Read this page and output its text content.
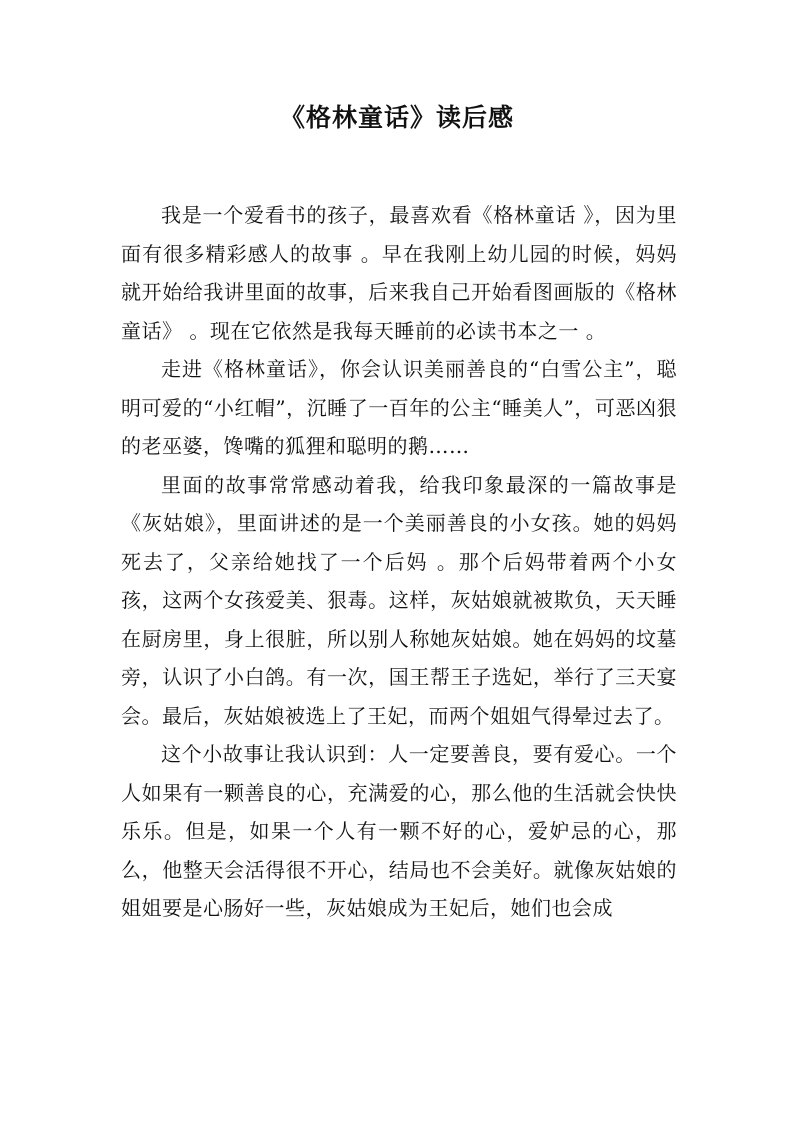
《格林童话》读后感

我是一个爱看书的孩子，最喜欢看《格林童话 》，因为里面有很多精彩感人的故事 。早在我刚上幼儿园的时候，妈妈就开始给我讲里面的故事，后来我自己开始看图画版的《格林童话》 。现在它依然是我每天睡前的必读书本之一 。

走进《格林童话》，你会认识美丽善良的“白雪公主”，聪明可爱的“小红帽”，沉睡了一百年的公主“睡美人”，可恶凶狠的老巫婆，馋嘴的狐狸和聪明的鹅……

里面的故事常常感动着我，给我印象最深的一篇故事是《灰姑娘》，里面讲述的是一个美丽善良的小女孩。她的妈妈死去了，父亲给她找了一个后妈 。那个后妈带着两个小女孩，这两个女孩爱美、狠毒。这样，灰姑娘就被欺负，天天睡在厨房里，身上很脏，所以别人称她灰姑娘。她在妈妈的坟墓旁，认识了小白鸽。有一次，国王帮王子选妃，举行了三天宴会。最后，灰姑娘被选上了王妃，而两个姐姐气得晕过去了。

这个小故事让我认识到：人一定要善良，要有爱心。一个人如果有一颗善良的心，充满爱的心，那么他的生活就会快快乐乐。但是，如果一个人有一颗不好的心，爱妒忌的心，那么，他整天会活得很不开心，结局也不会美好。就像灰姑娘的姐姐要是心肠好一些，灰姑娘成为王妃后，她们也会成
